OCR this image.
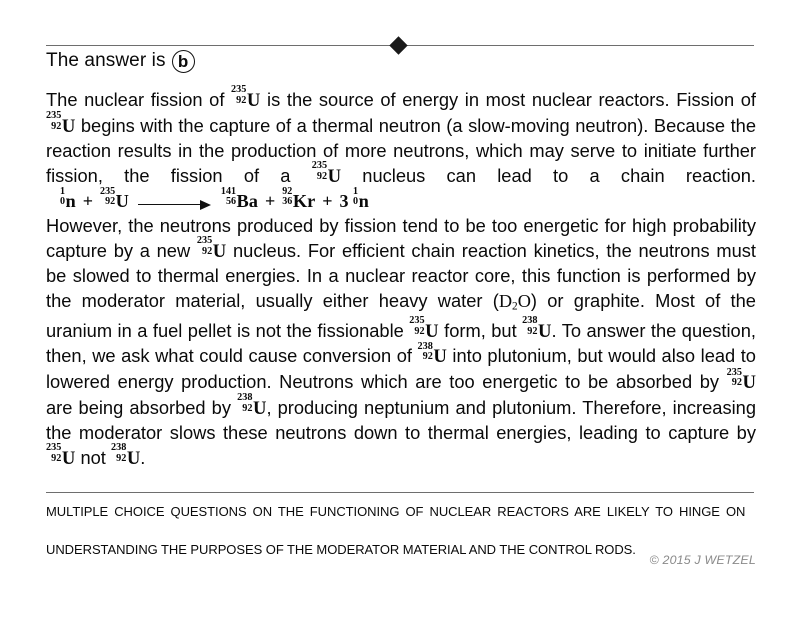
The answer is b

The nuclear fission of 235
92 U is the source of energy in most nuclear reactors. Fission of
235
92 U begins with the capture of a thermal neutron (a slow-moving neutron). Because the reaction results in the production of more neutrons, which may serve to initiate further fission, the fission of a 235
92 U nucleus can lead to a chain reaction.
1
0 n + 235
92 U	141
56 Ba + 92
36 Kr + 3 1
0 n

However, the neutrons produced by fission tend to be too energetic for high probability capture by a new 235
92 U nucleus. For efficient chain reaction kinetics, the neutrons must be slowed to thermal energies. In a nuclear reactor core, this function is performed by the moderator material, usually either heavy water $(D_2O)$ or graphite. Most of the uranium in a fuel pellet is not the fissionable 235
92 U form, but 238
92 U. To answer the question, then, we ask what could cause conversion of 238
92 U into plutonium, but would also lead to lowered energy production. Neutrons which are too energetic to be absorbed by 235
92 U are being absorbed by 238
92 U, producing neptunium and plutonium. Therefore, increasing the moderator slows these neutrons down to thermal energies, leading to capture by
235
92 U not 238
92 U.

MULTIPLE CHOICE QUESTIONS ON THE FUNCTIONING OF NUCLEAR REACTORS ARE LIKELY TO HINGE ON
UNDERSTANDING THE PURPOSES OF THE MODERATOR MATERIAL AND THE CONTROL RODS.
© 2015 J WETZEL
